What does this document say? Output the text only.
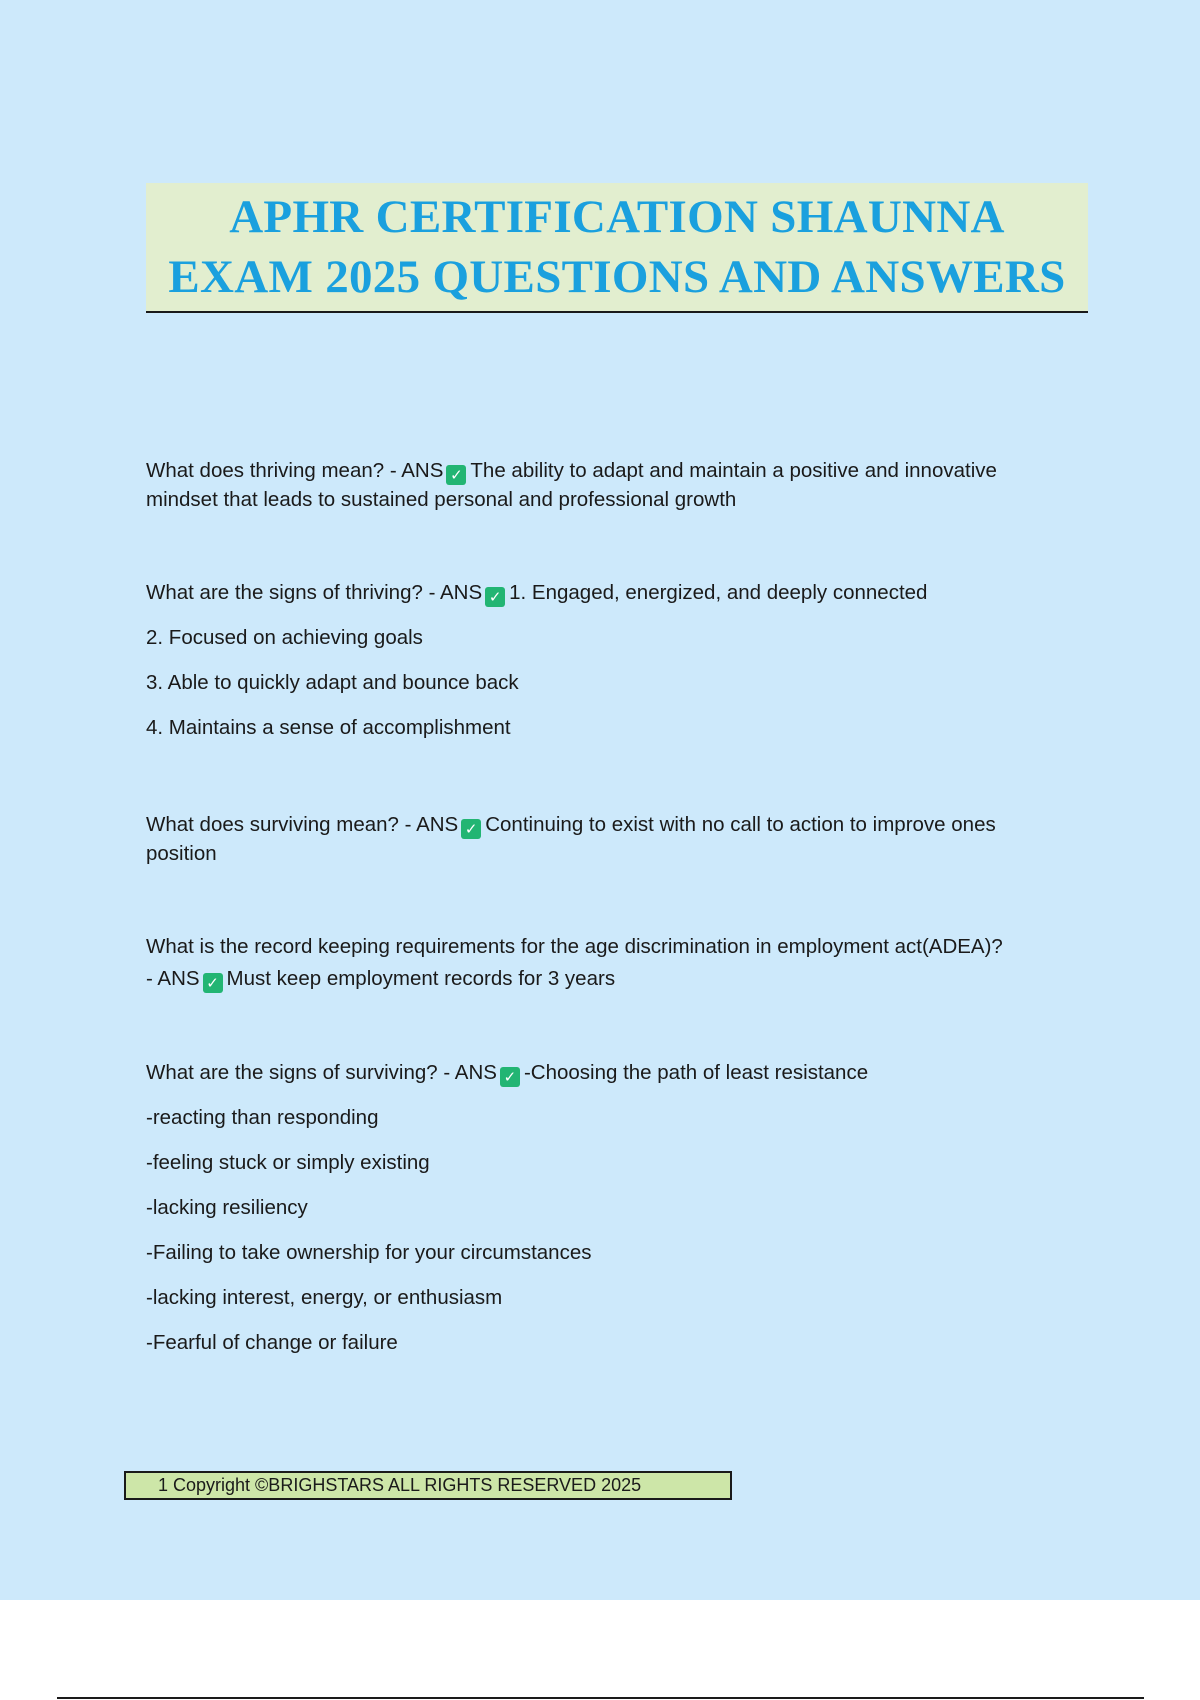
APHR CERTIFICATION SHAUNNA
EXAM 2025 QUESTIONS AND ANSWERS

What does thriving mean? - ANS ✓ The ability to adapt and maintain a positive and innovative

mindset that leads to sustained personal and professional growth

What are the signs of thriving? - ANS ✓ 1. Engaged, energized, and deeply connected

2. Focused on achieving goals

3. Able to quickly adapt and bounce back

4. Maintains a sense of accomplishment

What does surviving mean? - ANS ✓ Continuing to exist with no call to action to improve ones

position

What is the record keeping requirements for the age discrimination in employment act(ADEA)?

- ANS ✓ Must keep employment records for 3 years

What are the signs of surviving? - ANS ✓ -Choosing the path of least resistance

-reacting than responding

-feeling stuck or simply existing

-lacking resiliency

-Failing to take ownership for your circumstances

-lacking interest, energy, or enthusiasm

-Fearful of change or failure

1 Copyright ©BRIGHSTARS ALL RIGHTS RESERVED 2025
